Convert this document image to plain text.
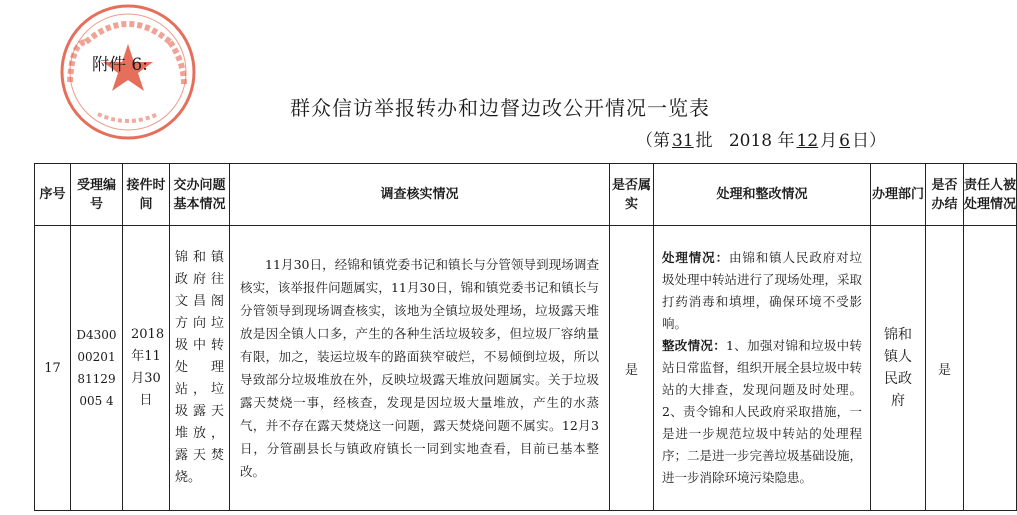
附件 6:
群众信访举报转办和边督边改公开情况一览表
（第 31 批 2018 年 12 月 6 日）
序号	受理编号	接件时间	交办问题基本情况	调查核实情况	是否属实	处理和整改情况	办理部门	是否办结	责任人被处理情况
17	D43000020181129005 4	2018年11月30日	锦和镇政府往文昌阁方向垃圾中转处理站，垃圾露天堆放，露天焚烧。	11月30日，经锦和镇党委书记和镇长与分管领导到现场调查核实，该举报件问题属实，11月30日，锦和镇党委书记和镇长与分管领导到现场调查核实，该地为全镇垃圾处理场，垃圾露天堆放是因全镇人口多，产生的各种生活垃圾较多，但垃圾厂容纳量有限，加之，装运垃圾车的路面狭窄破烂，不易倾倒垃圾，所以导致部分垃圾堆放在外，反映垃圾露天堆放问题属实。关于垃圾露天焚烧一事，经核查，发现是因垃圾大量堆放，产生的水蒸气，并不存在露天焚烧这一问题，露天焚烧问题不属实。12月3日，分管副县长与镇政府镇长一同到实地查看，目前已基本整改。	是	处理情况：由锦和镇人民政府对垃圾处理中转站进行了现场处理，采取打药消毒和填埋，确保环境不受影响。
整改情况：1、加强对锦和垃圾中转站日常监督，组织开展全县垃圾中转站的大排查，发现问题及时处理。2、责令锦和人民政府采取措施，一是进一步规范垃圾中转站的处理程序；二是进一步完善垃圾基础设施，进一步消除环境污染隐患。	锦和镇人民政府	是	
